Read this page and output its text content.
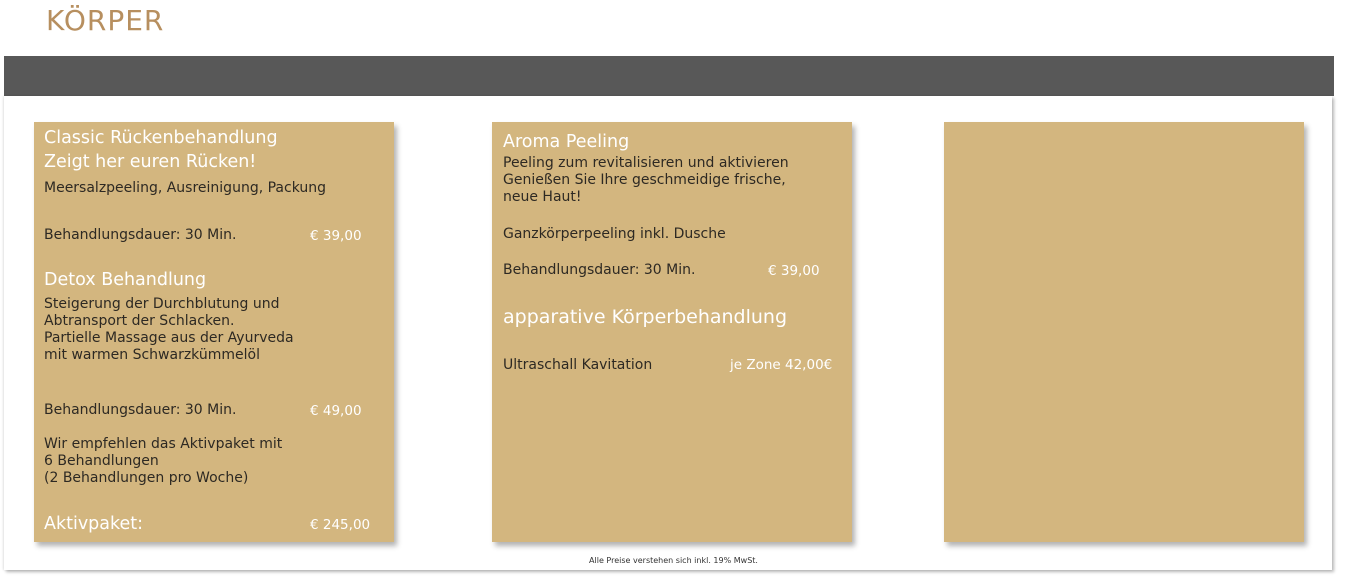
KÖRPER
Classic Rückenbehandlung
Zeigt her euren Rücken!
Meersalzpeeling, Ausreinigung, Packung
Behandlungsdauer: 30 Min.	€ 39,00
Detox Behandlung
Steigerung der Durchblutung und
Abtransport der Schlacken.
Partielle Massage aus der Ayurveda
mit warmen Schwarzkümmelöl
Behandlungsdauer: 30 Min.	€ 49,00
Wir empfehlen das Aktivpaket mit
6 Behandlungen
(2 Behandlungen pro Woche)
Aktivpaket:	€ 245,00
Aroma Peeling
Peeling zum revitalisieren und aktivieren
Genießen Sie Ihre geschmeidige frische,
neue Haut!
Ganzkörperpeeling inkl. Dusche
Behandlungsdauer: 30 Min.	€ 39,00
apparative Körperbehandlung
Ultraschall Kavitation	je Zone 42,00€
Alle Preise verstehen sich inkl. 19% MwSt.
